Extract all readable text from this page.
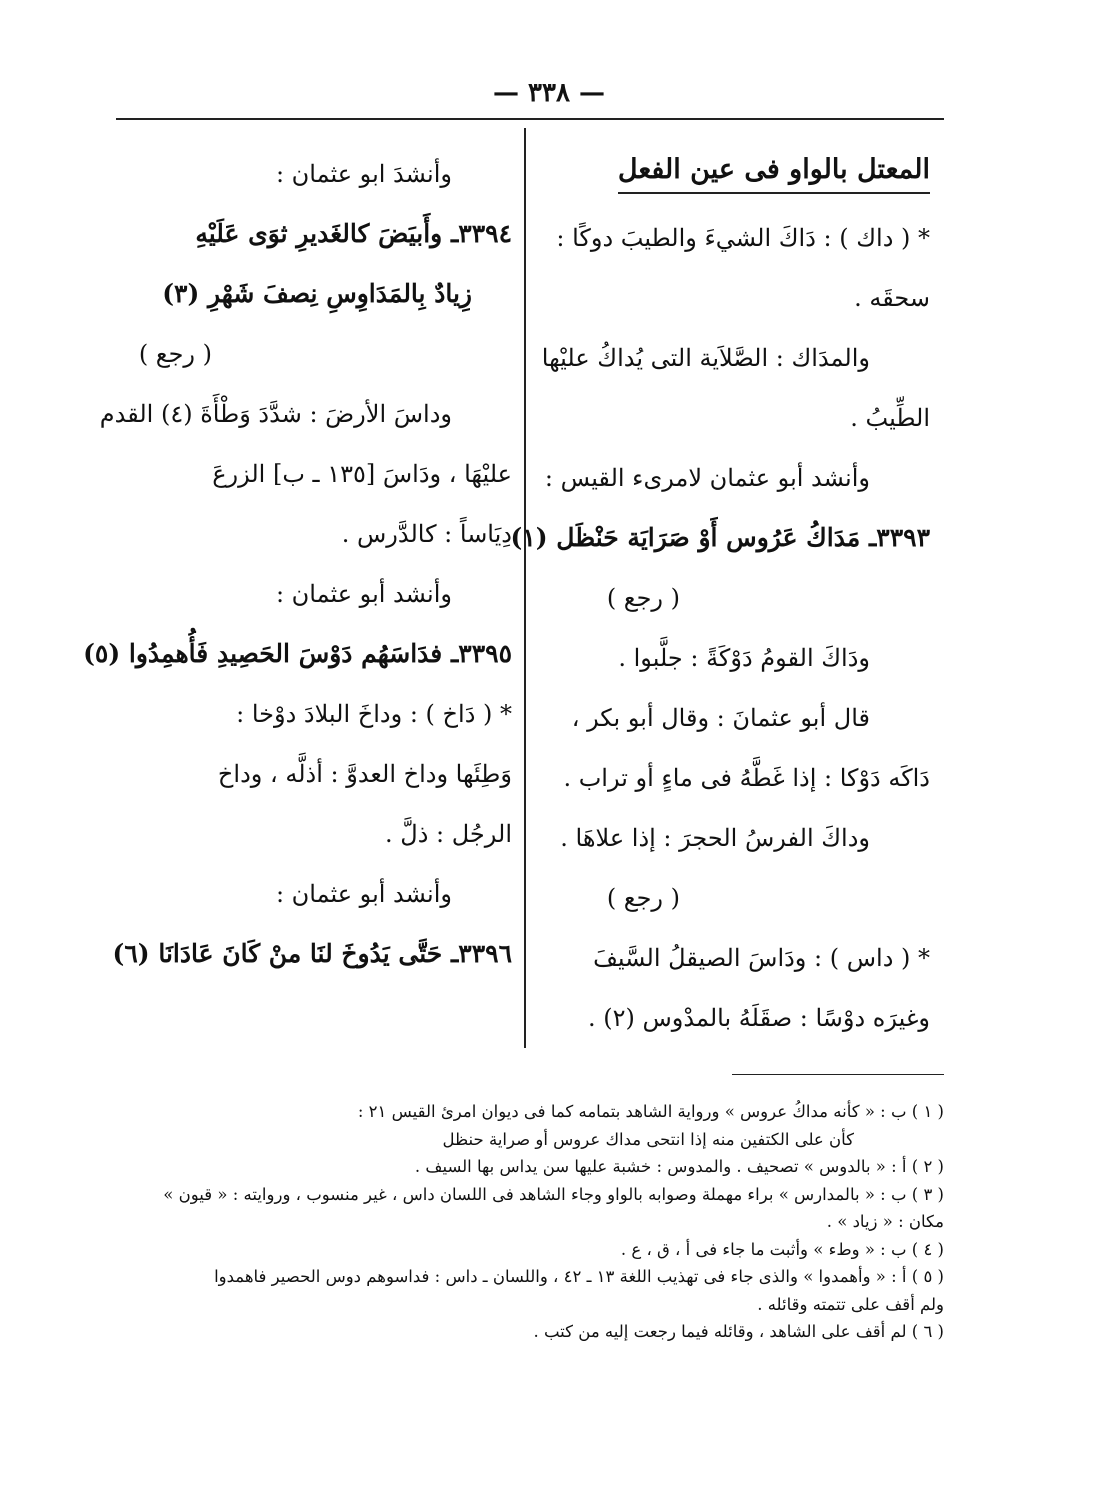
— ٣٣٨ —

المعتل بالواو فى عين الفعل

* ( داك ) : دَاكَ الشيءَ والطيبَ دوكًا :

سحقَه .

والمدَاك : الصَّلاَية التى يُداكُ عليْها

الطِّيبُ .

وأنشد أبو عثمان لامرىء القيس :

٣٣٩٣ـ مَدَاكُ عَرُوس أَوْ صَرَايَة حَنْظَل (١)

( رجع )

ودَاكَ القومُ دَوْكَةً : جلَّبوا .

قال أبو عثمانَ : وقال أبو بكر ،

دَاكَه دَوْكا : إذا غَطَّهُ فى ماءٍ أو تراب .

وداكَ الفرسُ الحجرَ : إذا علاهَا .

( رجع )

* ( داس ) : ودَاسَ الصيقلُ السَّيفَ

وغيرَه دوْسًا : صقَلَهُ بالمدْوس (٢) .

وأنشدَ ابو عثمان :

٣٣٩٤ـ وأَبيَضَ كالغَديرِ ثوَى عَلَيْهِ

زِيادٌ بِالمَدَاوِسِ نِصفَ شَهْرِ (٣)

( رجع )

وداسَ الأرضَ : شدَّدَ وَطْأَةَ (٤) القدم

عليْهَا ، ودَاسَ [١٣٥ ـ ب] الزرعَ

دِيَاساً : كالدَّرس .

وأنشد أبو عثمان :

٣٣٩٥ـ فدَاسَهُم دَوْسَ الحَصِيدِ فَأُهمِدُوا (٥)

* ( دَاخ ) : وداخَ البلادَ دوْخا :

وَطِئَها وداخ العدوَّ : أذلَّه ، وداخ

الرجُل : ذلَّ .

وأنشد أبو عثمان :

٣٣٩٦ـ حَتَّى يَدُوخَ لنَا منْ كَانَ عَادَانَا (٦)

( ١ ) ب : « كأنه مداكُ عروس » ورواية الشاهد بتمامه كما فى ديوان امرئ القيس ٢١ :

كأن على الكتفين منه إذا انتحى مداك عروس أو صراية حنظل

( ٢ ) أ : « بالدوس » تصحيف . والمدوس : خشبة عليها سن يداس بها السيف .

( ٣ ) ب : « بالمدارس » براء مهملة وصوابه بالواو وجاء الشاهد فى اللسان داس ، غير منسوب ، وروايته : « قيون »

مكان : « زياد » .

( ٤ ) ب : « وطء » وأثبت ما جاء فى أ ، ق ، ع .

( ٥ ) أ : « وأهمدوا » والذى جاء فى تهذيب اللغة ١٣ ـ ٤٢ ، واللسان ـ داس : فداسوهم دوس الحصير فاهمدوا

ولم أقف على تتمته وقائله .

( ٦ ) لم أقف على الشاهد ، وقائله فيما رجعت إليه من كتب .
